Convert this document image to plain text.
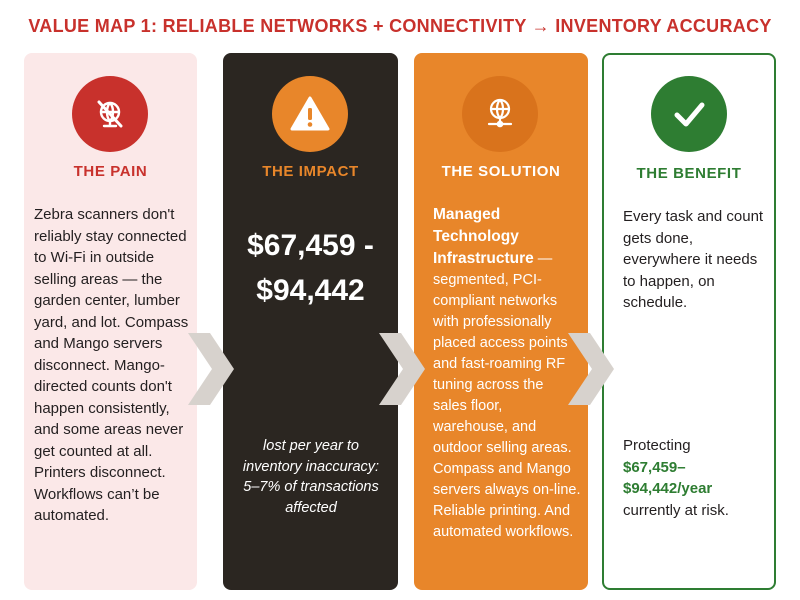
VALUE MAP 1: RELIABLE NETWORKS + CONNECTIVITY → INVENTORY ACCURACY
THE PAIN
Zebra scanners don't reliably stay connected to Wi-Fi in outside selling areas — the garden center, lumber yard, and lot. Compass and Mango servers disconnect. Mango-directed counts don't happen consistently, and some areas never get counted at all. Printers disconnect. Workflows can’t be automated.
THE IMPACT
$67,459 -
$94,442
lost per year to inventory inaccuracy: 5–7% of transactions affected
THE SOLUTION
Managed Technology Infrastructure — segmented, PCI-compliant networks with professionally placed access points and fast-roaming RF tuning across the sales floor, warehouse, and outdoor selling areas. Compass and Mango servers always on-line. Reliable printing. And automated workflows.
THE BENEFIT
Every task and count gets done, everywhere it needs to happen, on schedule.
Protecting
$67,459–$94,442/year
currently at risk.
